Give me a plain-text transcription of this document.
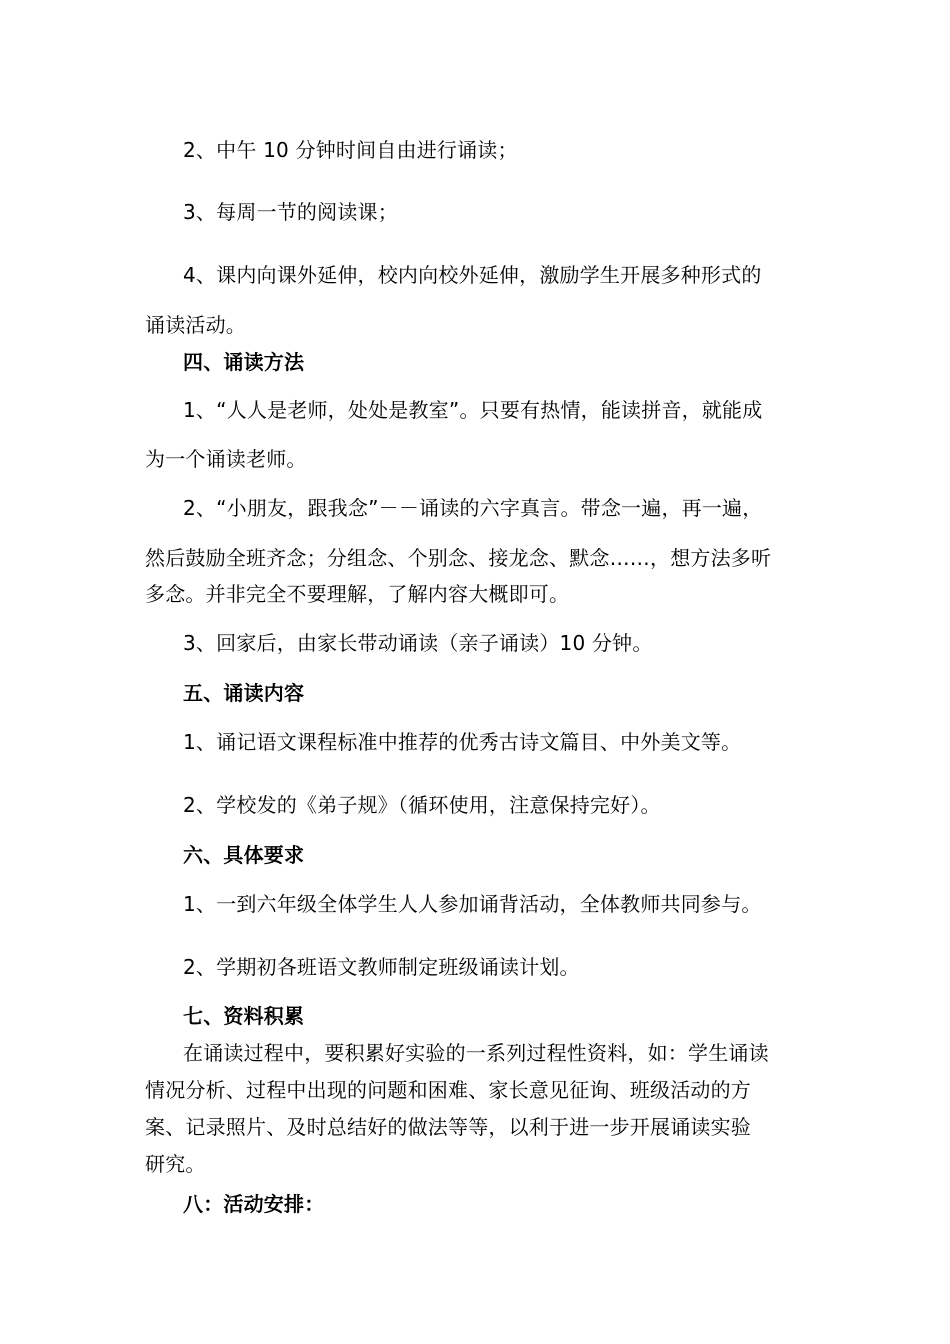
2、中午 10 分钟时间自由进行诵读；
3、每周一节的阅读课；
4、课内向课外延伸，校内向校外延伸，激励学生开展多种形式的
诵读活动。
四、诵读方法
1、“人人是老师，处处是教室”。只要有热情，能读拼音，就能成
为一个诵读老师。
2、“小朋友，跟我念”－－诵读的六字真言。带念一遍，再一遍，
然后鼓励全班齐念；分组念、个别念、接龙念、默念……，想方法多听
多念。并非完全不要理解，了解内容大概即可。
3、回家后，由家长带动诵读（亲子诵读）10 分钟。
五、诵读内容
1、诵记语文课程标准中推荐的优秀古诗文篇目、中外美文等。
2、学校发的《弟子规》（循环使用，注意保持完好）。
六、具体要求
1、一到六年级全体学生人人参加诵背活动，全体教师共同参与。
2、学期初各班语文教师制定班级诵读计划。
七、资料积累
在诵读过程中，要积累好实验的一系列过程性资料，如：学生诵读
情况分析、过程中出现的问题和困难、家长意见征询、班级活动的方
案、记录照片、及时总结好的做法等等，以利于进一步开展诵读实验
研究。
八：活动安排：
